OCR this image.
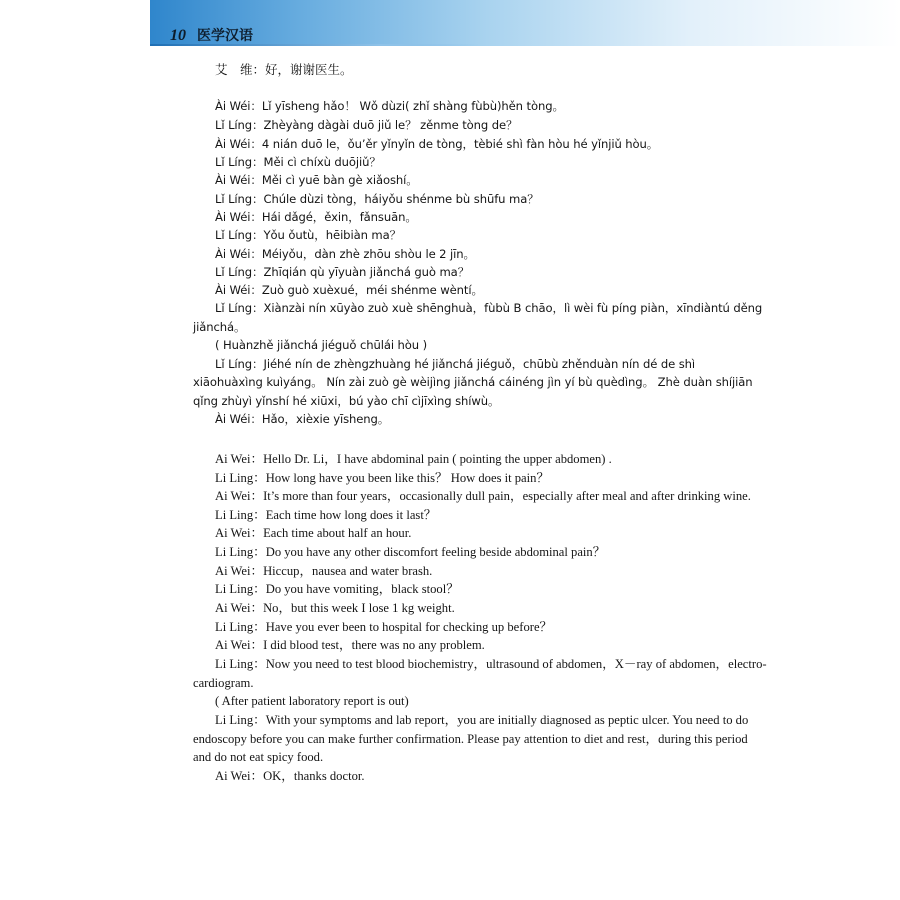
10 医学汉语

艾　维：好，谢谢医生。

Ài Wéi：Lǐ yīsheng hǎo！ Wǒ dùzi( zhǐ shàng fùbù)hěn tòng。

Lǐ Líng：Zhèyàng dàgài duō jiǔ le？ zěnme tòng de？

Ài Wéi：4 nián duō le，ǒu’ěr yǐnyǐn de tòng，tèbié shì fàn hòu hé yǐnjiǔ hòu。

Lǐ Líng：Měi cì chíxù duōjiǔ？

Ài Wéi：Měi cì yuē bàn gè xiǎoshí。

Lǐ Líng：Chúle dùzi tòng，háiyǒu shénme bù shūfu ma？

Ài Wéi：Hái dǎgé，ěxin，fǎnsuān。

Lǐ Líng：Yǒu ǒutù，hēibiàn ma？

Ài Wéi：Méiyǒu，dàn zhè zhōu shòu le 2 jīn。

Lǐ Líng：Zhīqián qù yīyuàn jiǎnchá guò ma？

Ài Wéi：Zuò guò xuèxué，méi shénme wèntí。

Lǐ Líng：Xiànzài nín xūyào zuò xuè shēnghuà，fùbù B chāo，lì wèi fù píng piàn，xīndiàntú děng

jiǎnchá。

( Huànzhě jiǎnchá jiéguǒ chūlái hòu )

Lǐ Líng：Jiéhé nín de zhèngzhuàng hé jiǎnchá jiéguǒ，chūbù zhěnduàn nín dé de shì

xiāohuàxìng kuìyáng。 Nín zài zuò gè wèijìng jiǎnchá cáinéng jìn yí bù quèdìng。 Zhè duàn shíjiān

qǐng zhùyì yǐnshí hé xiūxi，bú yào chī cìjīxìng shíwù。

Ài Wéi：Hǎo，xièxie yīsheng。

Ai Wei：Hello Dr. Li，I have abdominal pain ( pointing the upper abdomen) .

Li Ling：How long have you been like this？ How does it pain？

Ai Wei：It’s more than four years，occasionally dull pain，especially after meal and after drinking wine.

Li Ling：Each time how long does it last？

Ai Wei：Each time about half an hour.

Li Ling：Do you have any other discomfort feeling beside abdominal pain？

Ai Wei：Hiccup，nausea and water brash.

Li Ling：Do you have vomiting，black stool？

Ai Wei：No，but this week I lose 1 kg weight.

Li Ling：Have you ever been to hospital for checking up before？

Ai Wei：I did blood test，there was no any problem.

Li Ling：Now you need to test blood biochemistry，ultrasound of abdomen，X－ray of abdomen，electro-

cardiogram.

( After patient laboratory report is out)

Li Ling：With your symptoms and lab report，you are initially diagnosed as peptic ulcer. You need to do

endoscopy before you can make further confirmation. Please pay attention to diet and rest，during this period

and do not eat spicy food.

Ai Wei：OK，thanks doctor.
